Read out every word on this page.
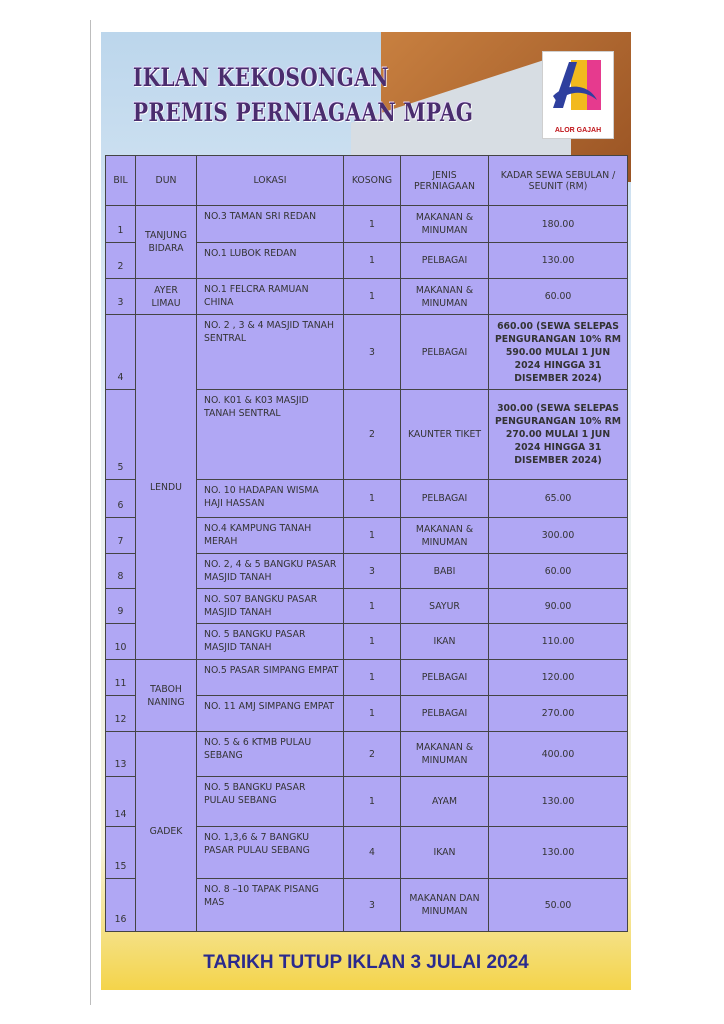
IKLAN KEKOSONGAN
PREMIS PERNIAGAAN MPAG
ALOR GAJAH
BIL	DUN	LOKASI	KOSONG	JENIS PERNIAGAAN	KADAR SEWA SEBULAN / SEUNIT (RM)
1	TANJUNG BIDARA	NO.3 TAMAN SRI REDAN	1	MAKANAN & MINUMAN	180.00
2		NO.1 LUBOK REDAN	1	PELBAGAI	130.00
3	AYER LIMAU	NO.1 FELCRA RAMUAN CHINA	1	MAKANAN & MINUMAN	60.00
4	LENDU	NO. 2 , 3 & 4 MASJID TANAH SENTRAL	3	PELBAGAI	660.00 (SEWA SELEPAS PENGURANGAN 10% RM 590.00 MULAI 1 JUN 2024 HINGGA 31 DISEMBER 2024)
5		NO. K01 & K03 MASJID TANAH SENTRAL	2	KAUNTER TIKET	300.00 (SEWA SELEPAS PENGURANGAN 10% RM 270.00 MULAI 1 JUN 2024 HINGGA 31 DISEMBER 2024)
6		NO. 10 HADAPAN WISMA HAJI HASSAN	1	PELBAGAI	65.00
7		NO.4 KAMPUNG TANAH MERAH	1	MAKANAN & MINUMAN	300.00
8		NO. 2, 4 & 5 BANGKU PASAR MASJID TANAH	3	BABI	60.00
9		NO. S07 BANGKU PASAR MASJID TANAH	1	SAYUR	90.00
10		NO. 5 BANGKU PASAR MASJID TANAH	1	IKAN	110.00
11	TABOH NANING	NO.5 PASAR SIMPANG EMPAT	1	PELBAGAI	120.00
12		NO. 11 AMJ SIMPANG EMPAT	1	PELBAGAI	270.00
13	GADEK	NO. 5 & 6 KTMB PULAU SEBANG	2	MAKANAN & MINUMAN	400.00
14		NO. 5 BANGKU PASAR PULAU SEBANG	1	AYAM	130.00
15		NO. 1,3,6 & 7 BANGKU PASAR PULAU SEBANG	4	IKAN	130.00
16		NO. 8 –10 TAPAK PISANG MAS	3	MAKANAN DAN MINUMAN	50.00
TARIKH TUTUP IKLAN 3 JULAI 2024
